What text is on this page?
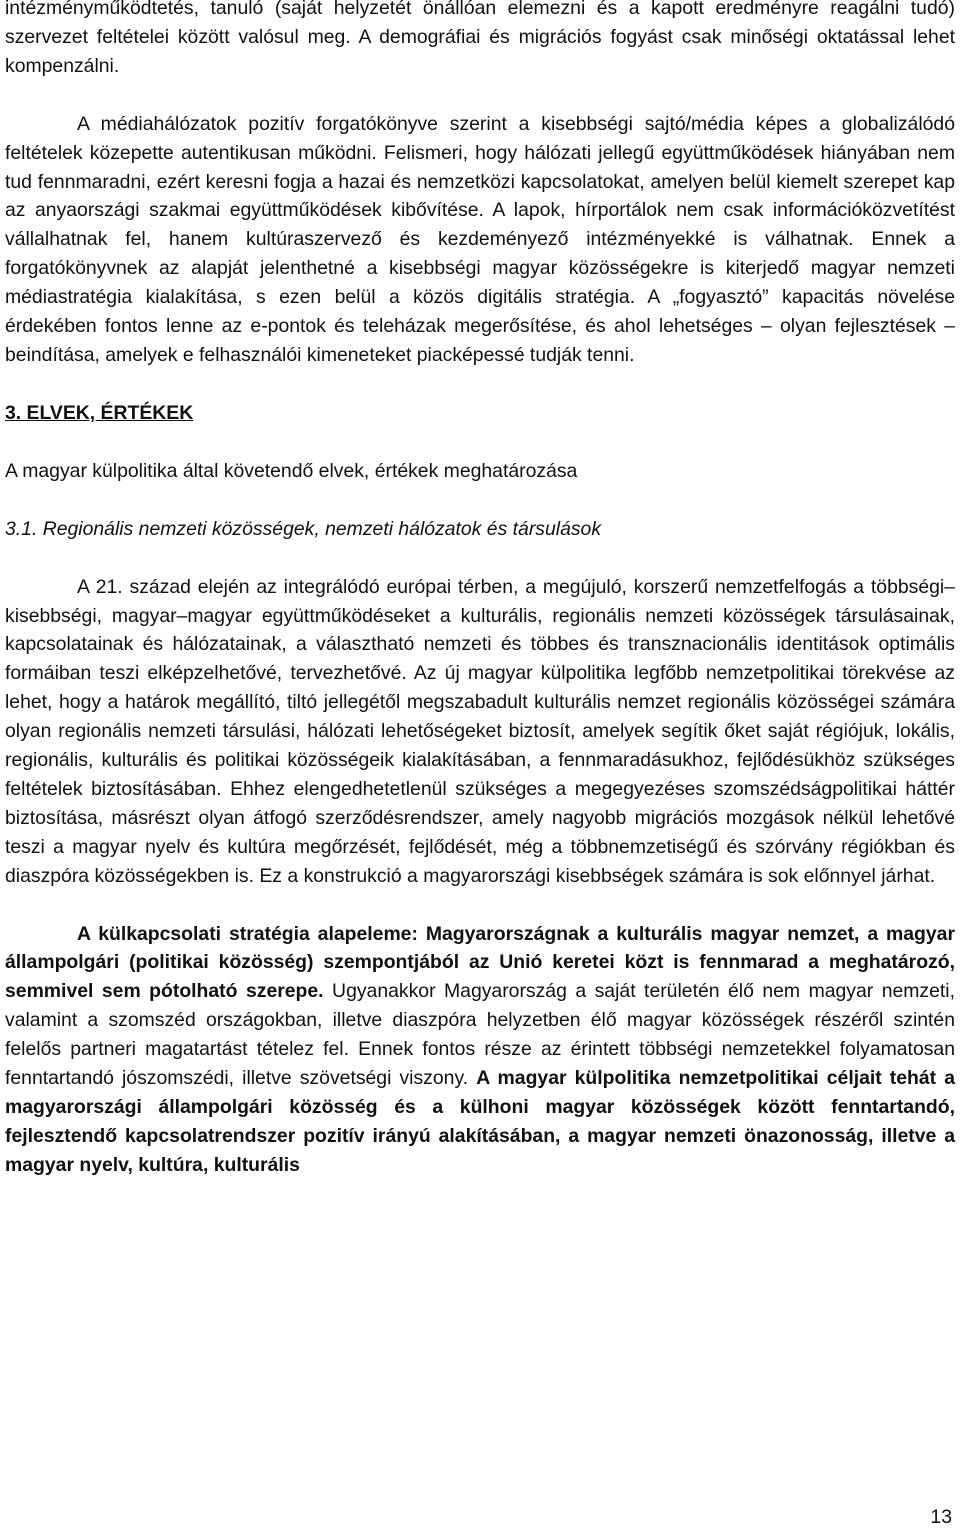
intézményműködtetés, tanuló (saját helyzetét önállóan elemezni és a kapott eredményre reagálni tudó) szervezet feltételei között valósul meg. A demográfiai és migrációs fogyást csak minőségi oktatással lehet kompenzálni.

A médiahálózatok pozitív forgatókönyve szerint a kisebbségi sajtó/média képes a globalizálódó feltételek közepette autentikusan működni. Felismeri, hogy hálózati jellegű együttműködések hiányában nem tud fennmaradni, ezért keresni fogja a hazai és nemzetközi kapcsolatokat, amelyen belül kiemelt szerepet kap az anyaországi szakmai együttműködések kibővítése. A lapok, hírportálok nem csak információközvetítést vállalhatnak fel, hanem kultúraszervező és kezdeményező intézményekké is válhatnak. Ennek a forgatókönyvnek az alapját jelenthetné a kisebbségi magyar közösségekre is kiterjedő magyar nemzeti médiastratégia kialakítása, s ezen belül a közös digitális stratégia. A „fogyasztó” kapacitás növelése érdekében fontos lenne az e-pontok és teleházak megerősítése, és ahol lehetséges – olyan fejlesztések – beindítása, amelyek e felhasználói kimeneteket piacképessé tudják tenni.

3. ELVEK, ÉRTÉKEK

A magyar külpolitika által követendő elvek, értékek meghatározása

3.1. Regionális nemzeti közösségek, nemzeti hálózatok és társulások

A 21. század elején az integrálódó európai térben, a megújuló, korszerű nemzetfelfogás a többségi–kisebbségi, magyar–magyar együttműködéseket a kulturális, regionális nemzeti közösségek társulásainak, kapcsolatainak és hálózatainak, a választható nemzeti és többes és transznacionális identitások optimális formáiban teszi elképzelhetővé, tervezhetővé. Az új magyar külpolitika legfőbb nemzetpolitikai törekvése az lehet, hogy a határok megállító, tiltó jellegétől megszabadult kulturális nemzet regionális közösségei számára olyan regionális nemzeti társulási, hálózati lehetőségeket biztosít, amelyek segítik őket saját régiójuk, lokális, regionális, kulturális és politikai közösségeik kialakításában, a fennmaradásukhoz, fejlődésükhöz szükséges feltételek biztosításában. Ehhez elengedhetetlenül szükséges a megegyezéses szomszédságpolitikai háttér biztosítása, másrészt olyan átfogó szerződésrendszer, amely nagyobb migrációs mozgások nélkül lehetővé teszi a magyar nyelv és kultúra megőrzését, fejlődését, még a többnemzetiségű és szórvány régiókban és diaszpóra közösségekben is. Ez a konstrukció a magyarországi kisebbségek számára is sok előnnyel járhat.

A külkapcsolati stratégia alapeleme: Magyarországnak a kulturális magyar nemzet, a magyar állampolgári (politikai közösség) szempontjából az Unió keretei közt is fennmarad a meghatározó, semmivel sem pótolható szerepe. Ugyanakkor Magyarország a saját területén élő nem magyar nemzeti, valamint a szomszéd országokban, illetve diaszpóra helyzetben élő magyar közösségek részéről szintén felelős partneri magatartást tételez fel. Ennek fontos része az érintett többségi nemzetekkel folyamatosan fenntartandó jószomszédi, illetve szövetségi viszony. A magyar külpolitika nemzetpolitikai céljait tehát a magyarországi állampolgári közösség és a külhoni magyar közösségek között fenntartandó, fejlesztendő kapcsolatrendszer pozitív irányú alakításában, a magyar nemzeti önazonosság, illetve a magyar nyelv, kultúra, kulturális

13
